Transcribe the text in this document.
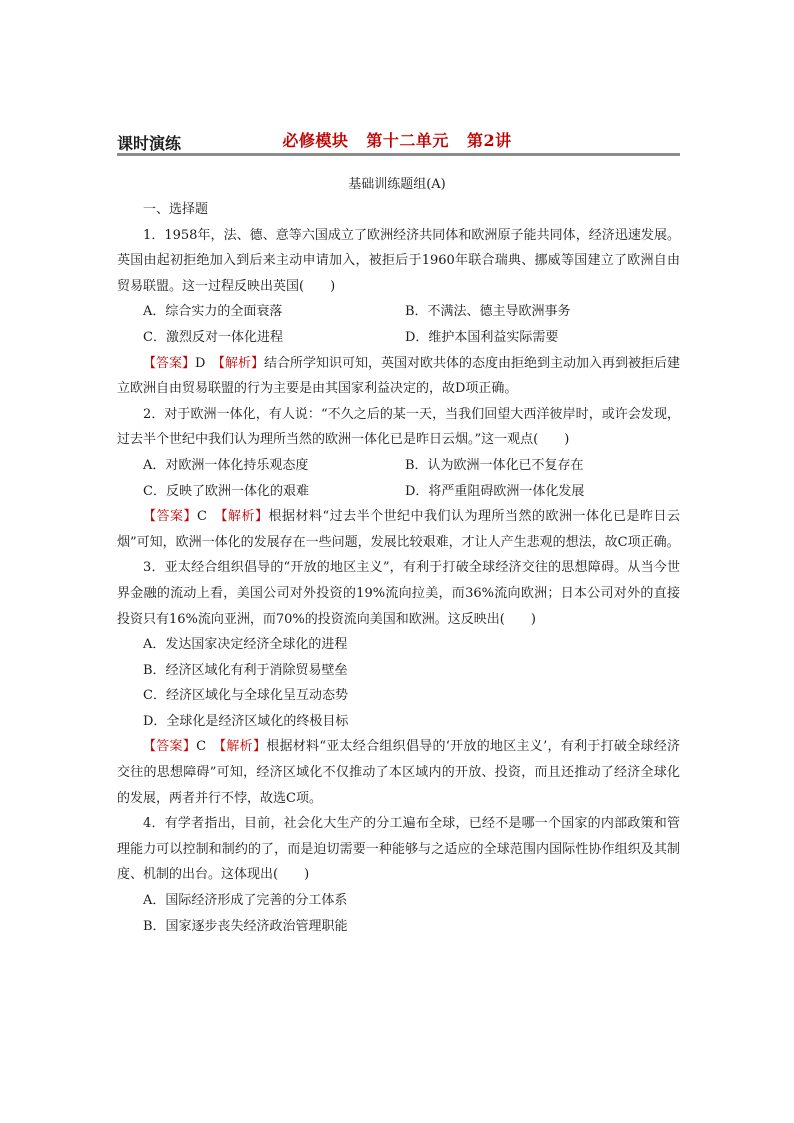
必修模块 第十二单元 第2讲
课时演练
基础训练题组(A)

一、选择题

1．1958年，法、德、意等六国成立了欧洲经济共同体和欧洲原子能共同体，经济迅速发展。英国由起初拒绝加入到后来主动申请加入，被拒后于1960年联合瑞典、挪威等国建立了欧洲自由贸易联盟。这一过程反映出英国(　　)

A．综合实力的全面衰落	B．不满法、德主导欧洲事务
C．激烈反对一体化进程	D．维护本国利益实际需要

【答案】D　 【解析】结合所学知识可知，英国对欧共体的态度由拒绝到主动加入再到被拒后建立欧洲自由贸易联盟的行为主要是由其国家利益决定的，故D项正确。

2．对于欧洲一体化，有人说：“不久之后的某一天，当我们回望大西洋彼岸时，或许会发现，过去半个世纪中我们认为理所当然的欧洲一体化已是昨日云烟。”这一观点(　　)

A．对欧洲一体化持乐观态度	B．认为欧洲一体化已不复存在
C．反映了欧洲一体化的艰难	D．将严重阻碍欧洲一体化发展

【答案】C　 【解析】根据材料“过去半个世纪中我们认为理所当然的欧洲一体化已是昨日云烟”可知，欧洲一体化的发展存在一些问题，发展比较艰难，才让人产生悲观的想法，故C项正确。

3．亚太经合组织倡导的“开放的地区主义”，有利于打破全球经济交往的思想障碍。从当今世界金融的流动上看，美国公司对外投资的19%流向拉美，而36%流向欧洲；日本公司对外的直接投资只有16%流向亚洲，而70%的投资流向美国和欧洲。这反映出(　　)

A．发达国家决定经济全球化的进程
B．经济区域化有利于消除贸易壁垒
C．经济区域化与全球化呈互动态势
D．全球化是经济区域化的终极目标

【答案】C　 【解析】根据材料“亚太经合组织倡导的‘开放的地区主义’，有利于打破全球经济交往的思想障碍”可知，经济区域化不仅推动了本区域内的开放、投资，而且还推动了经济全球化的发展，两者并行不悖，故选C项。

4．有学者指出，目前，社会化大生产的分工遍布全球，已经不是哪一个国家的内部政策和管理能力可以控制和制约的了，而是迫切需要一种能够与之适应的全球范围内国际性协作组织及其制度、机制的出台。这体现出(　　)

A．国际经济形成了完善的分工体系
B．国家逐步丧失经济政治管理职能
